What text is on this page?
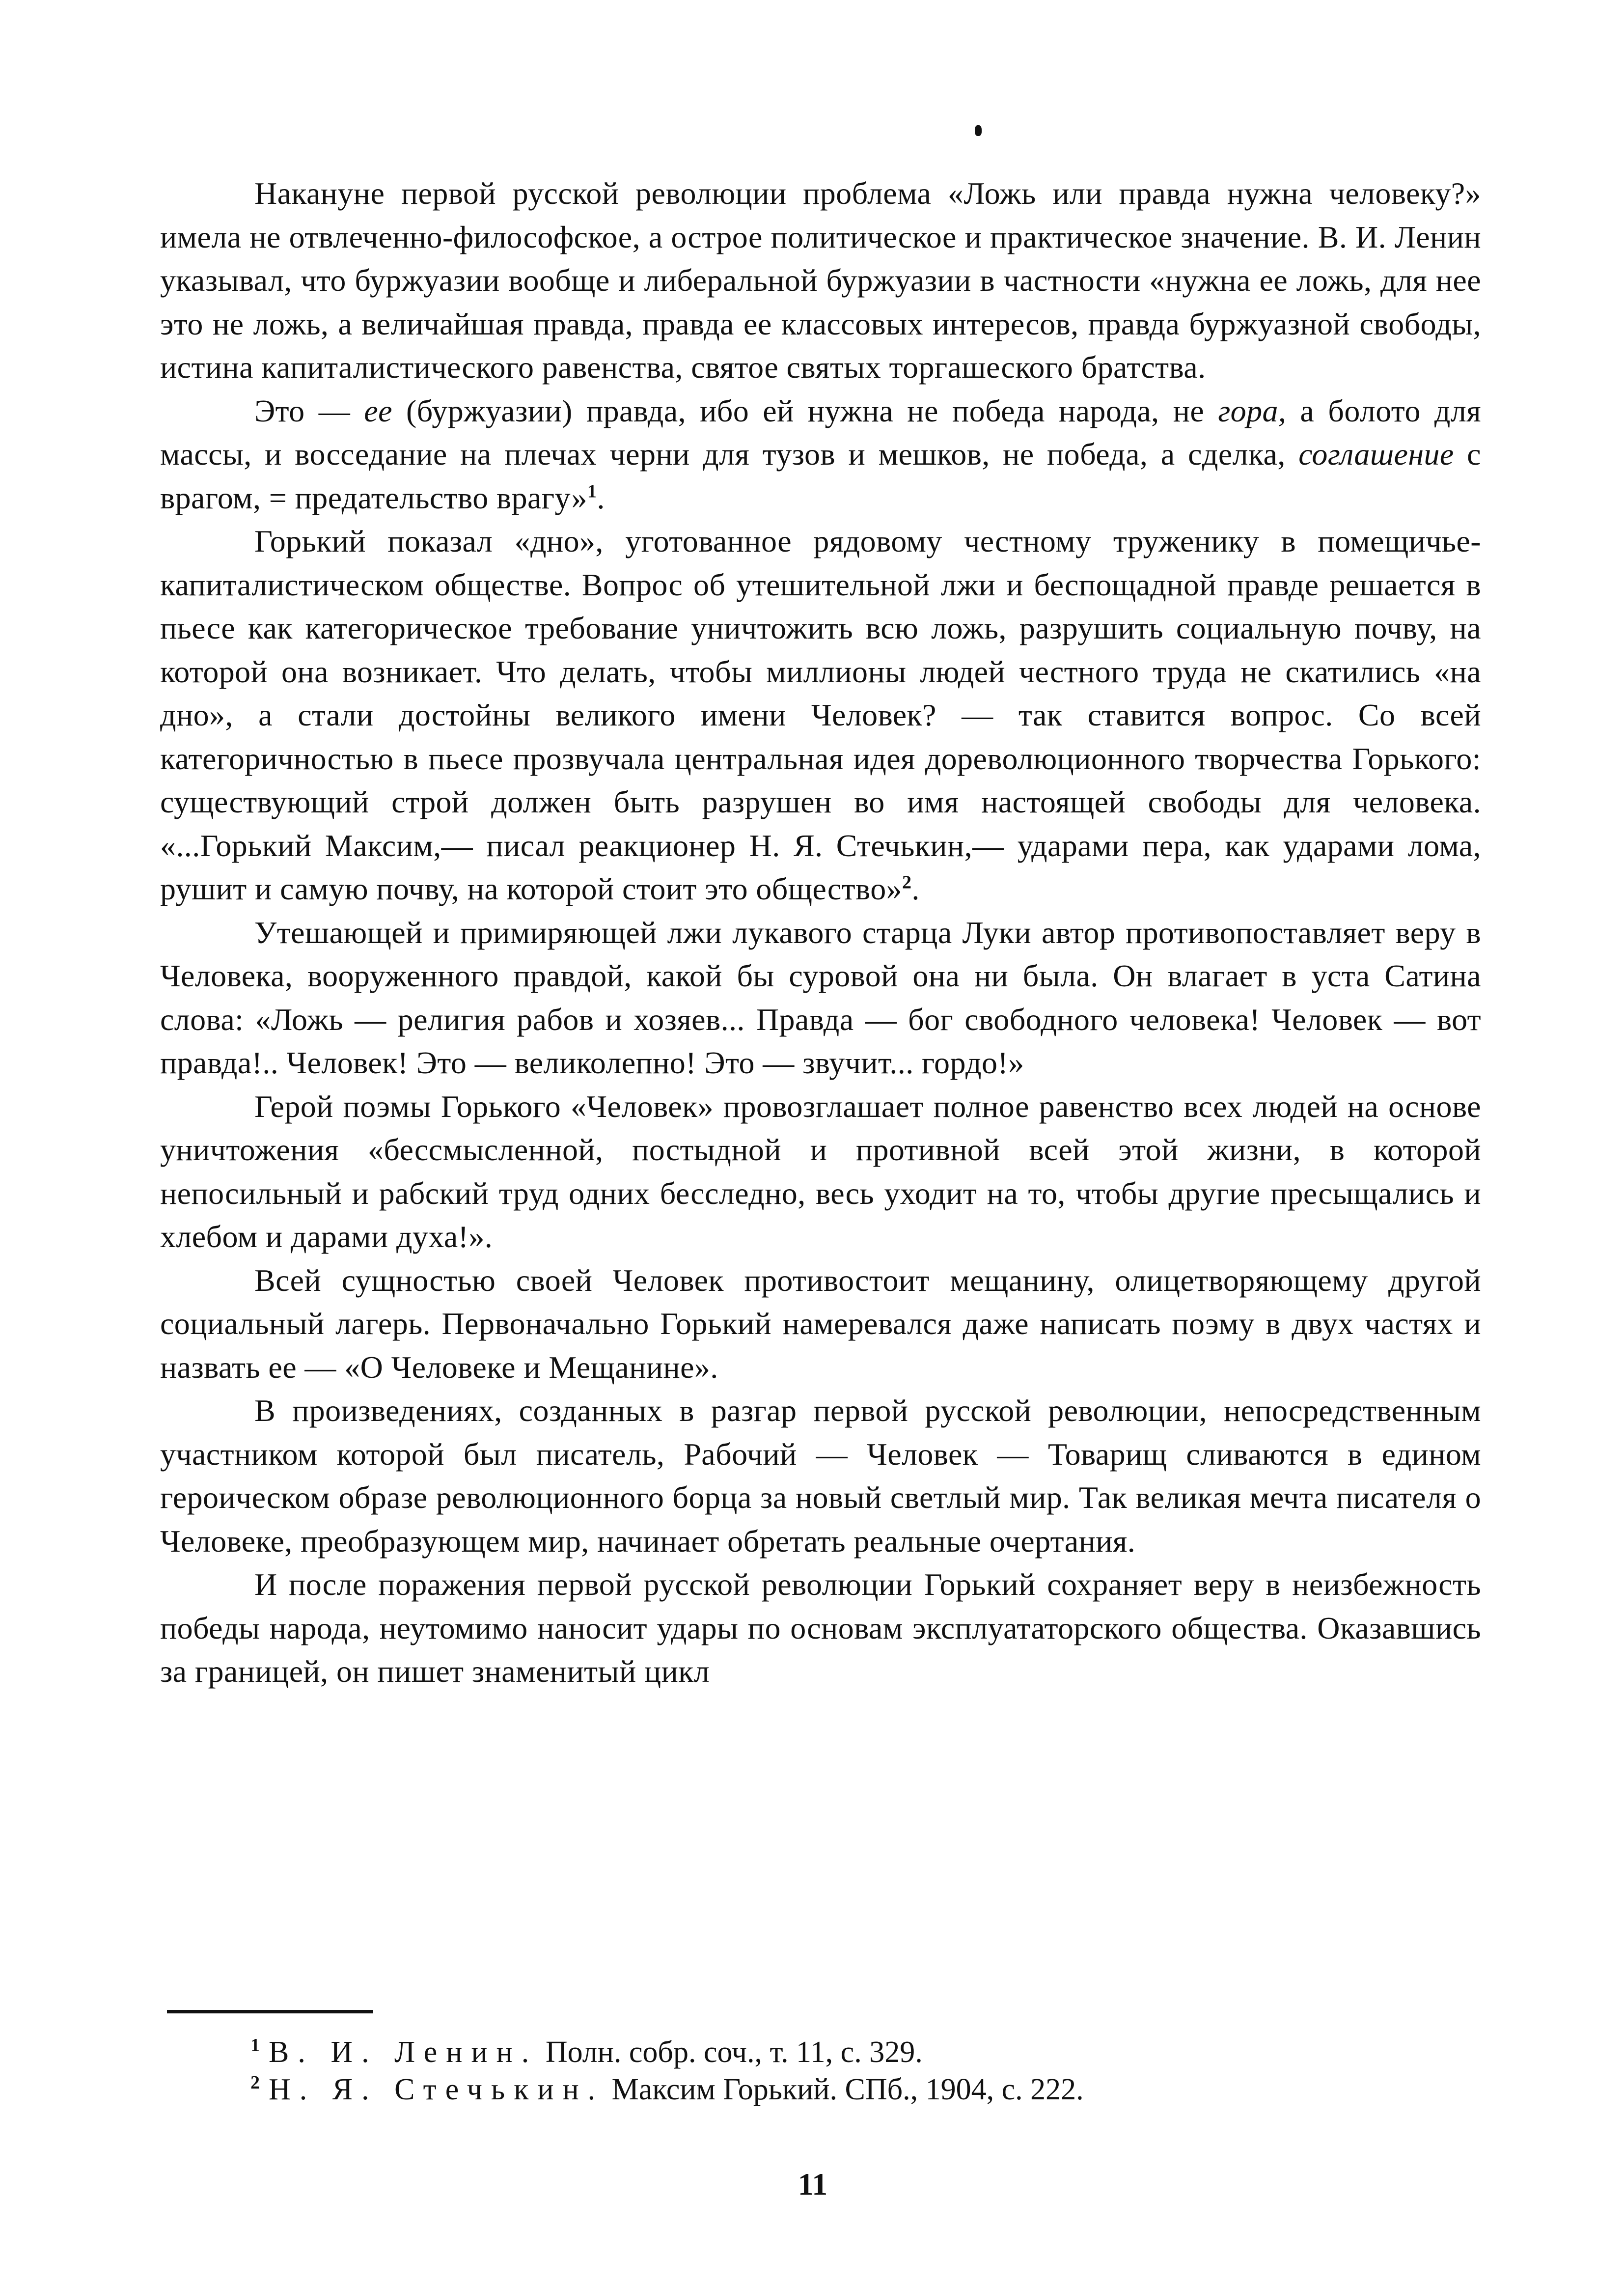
Накануне первой русской революции проблема «Ложь или правда нужна человеку?» имела не отвлеченно-философское, а острое политическое и практическое значение. В. И. Ленин указывал, что буржуазии вообще и либеральной буржуазии в частности «нужна ее ложь, для нее это не ложь, а величайшая правда, правда ее классовых интересов, правда буржуазной свободы, истина капиталистического равенства, святое святых торгашеского братства.

Это — ее (буржуазии) правда, ибо ей нужна не победа народа, не гора, а болото для массы, и восседание на плечах черни для тузов и мешков, не победа, а сделка, соглашение с врагом, = предательство врагу»$^1$.

Горький показал «дно», уготованное рядовому честному труженику в помещичье-капиталистическом обществе. Вопрос об утешительной лжи и беспощадной правде решается в пьесе как категорическое требование уничтожить всю ложь, разрушить социальную почву, на которой она возникает. Что делать, чтобы миллионы людей честного труда не скатились «на дно», а стали достойны великого имени Человек? — так ставится вопрос. Со всей категоричностью в пьесе прозвучала центральная идея дореволюционного творчества Горького: существующий строй должен быть разрушен во имя настоящей свободы для человека. «...Горький Максим,— писал реакционер Н. Я. Стечькин,— ударами пера, как ударами лома, рушит и самую почву, на которой стоит это общество»$^2$.

Утешающей и примиряющей лжи лукавого старца Луки автор противопоставляет веру в Человека, вооруженного правдой, какой бы суровой она ни была. Он влагает в уста Сатина слова: «Ложь — религия рабов и хозяев... Правда — бог свободного человека! Человек — вот правда!.. Человек! Это — великолепно! Это — звучит... гордо!»

Герой поэмы Горького «Человек» провозглашает полное равенство всех людей на основе уничтожения «бессмысленной, постыдной и противной всей этой жизни, в которой непосильный и рабский труд одних бесследно, весь уходит на то, чтобы другие пресыщались и хлебом и дарами духа!».

Всей сущностью своей Человек противостоит мещанину, олицетворяющему другой социальный лагерь. Первоначально Горький намеревался даже написать поэму в двух частях и назвать ее — «О Человеке и Мещанине».

В произведениях, созданных в разгар первой русской революции, непосредственным участником которой был писатель, Рабочий — Человек — Товарищ сливаются в едином героическом образе революционного борца за новый светлый мир. Так великая мечта писателя о Человеке, преобразующем мир, начинает обретать реальные очертания.

И после поражения первой русской революции Горький сохраняет веру в неизбежность победы народа, неутомимо наносит удары по основам эксплуататорского общества. Оказавшись за границей, он пишет знаменитый цикл

$^1$ В. И. Ленин. Полн. собр. соч., т. 11, с. 329.

$^2$ Н. Я. Стечькин. Максим Горький. СПб., 1904, с. 222.

11
